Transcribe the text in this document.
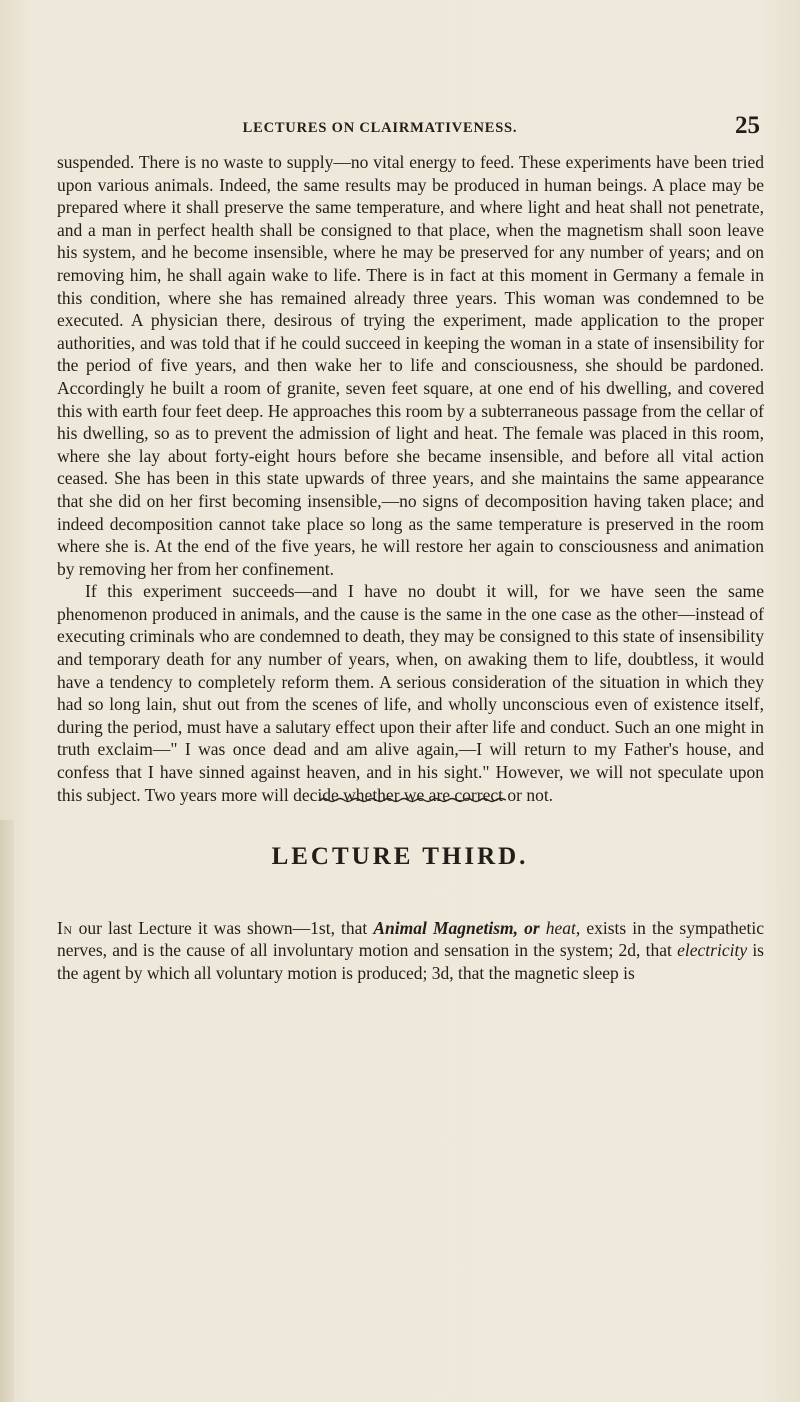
LECTURES ON CLAIRMATIVENESS.	25

suspended. There is no waste to supply—no vital energy to feed. These experiments have been tried upon various animals. Indeed, the same results may be produced in human beings. A place may be prepared where it shall preserve the same temperature, and where light and heat shall not penetrate, and a man in perfect health shall be consigned to that place, when the magnetism shall soon leave his system, and he become insensible, where he may be preserved for any number of years; and on removing him, he shall again wake to life. There is in fact at this moment in Germany a female in this condition, where she has remained already three years. This woman was condemned to be executed. A physician there, desirous of trying the experiment, made application to the proper authorities, and was told that if he could succeed in keeping the woman in a state of insensibility for the period of five years, and then wake her to life and consciousness, she should be pardoned. Accordingly he built a room of granite, seven feet square, at one end of his dwelling, and covered this with earth four feet deep. He approaches this room by a subterraneous passage from the cellar of his dwelling, so as to prevent the admission of light and heat. The female was placed in this room, where she lay about forty-eight hours before she became insensible, and before all vital action ceased. She has been in this state upwards of three years, and she maintains the same appearance that she did on her first becoming insensible,—no signs of decomposition having taken place; and indeed decomposition cannot take place so long as the same temperature is preserved in the room where she is. At the end of the five years, he will restore her again to consciousness and animation by removing her from her confinement.

If this experiment succeeds—and I have no doubt it will, for we have seen the same phenomenon produced in animals, and the cause is the same in the one case as the other—instead of executing criminals who are condemned to death, they may be consigned to this state of insensibility and temporary death for any number of years, when, on awaking them to life, doubtless, it would have a tendency to completely reform them. A serious consideration of the situation in which they had so long lain, shut out from the scenes of life, and wholly unconscious even of existence itself, during the period, must have a salutary effect upon their after life and conduct. Such an one might in truth exclaim—" I was once dead and am alive again,—I will return to my Father's house, and confess that I have sinned against heaven, and in his sight." However, we will not speculate upon this subject. Two years more will decide whether we are correct or not.

LECTURE THIRD.

In our last Lecture it was shown—1st, that Animal Magnetism, or heat, exists in the sympathetic nerves, and is the cause of all involuntary motion and sensation in the system; 2d, that electricity is the agent by which all voluntary motion is produced; 3d, that the magnetic sleep is
